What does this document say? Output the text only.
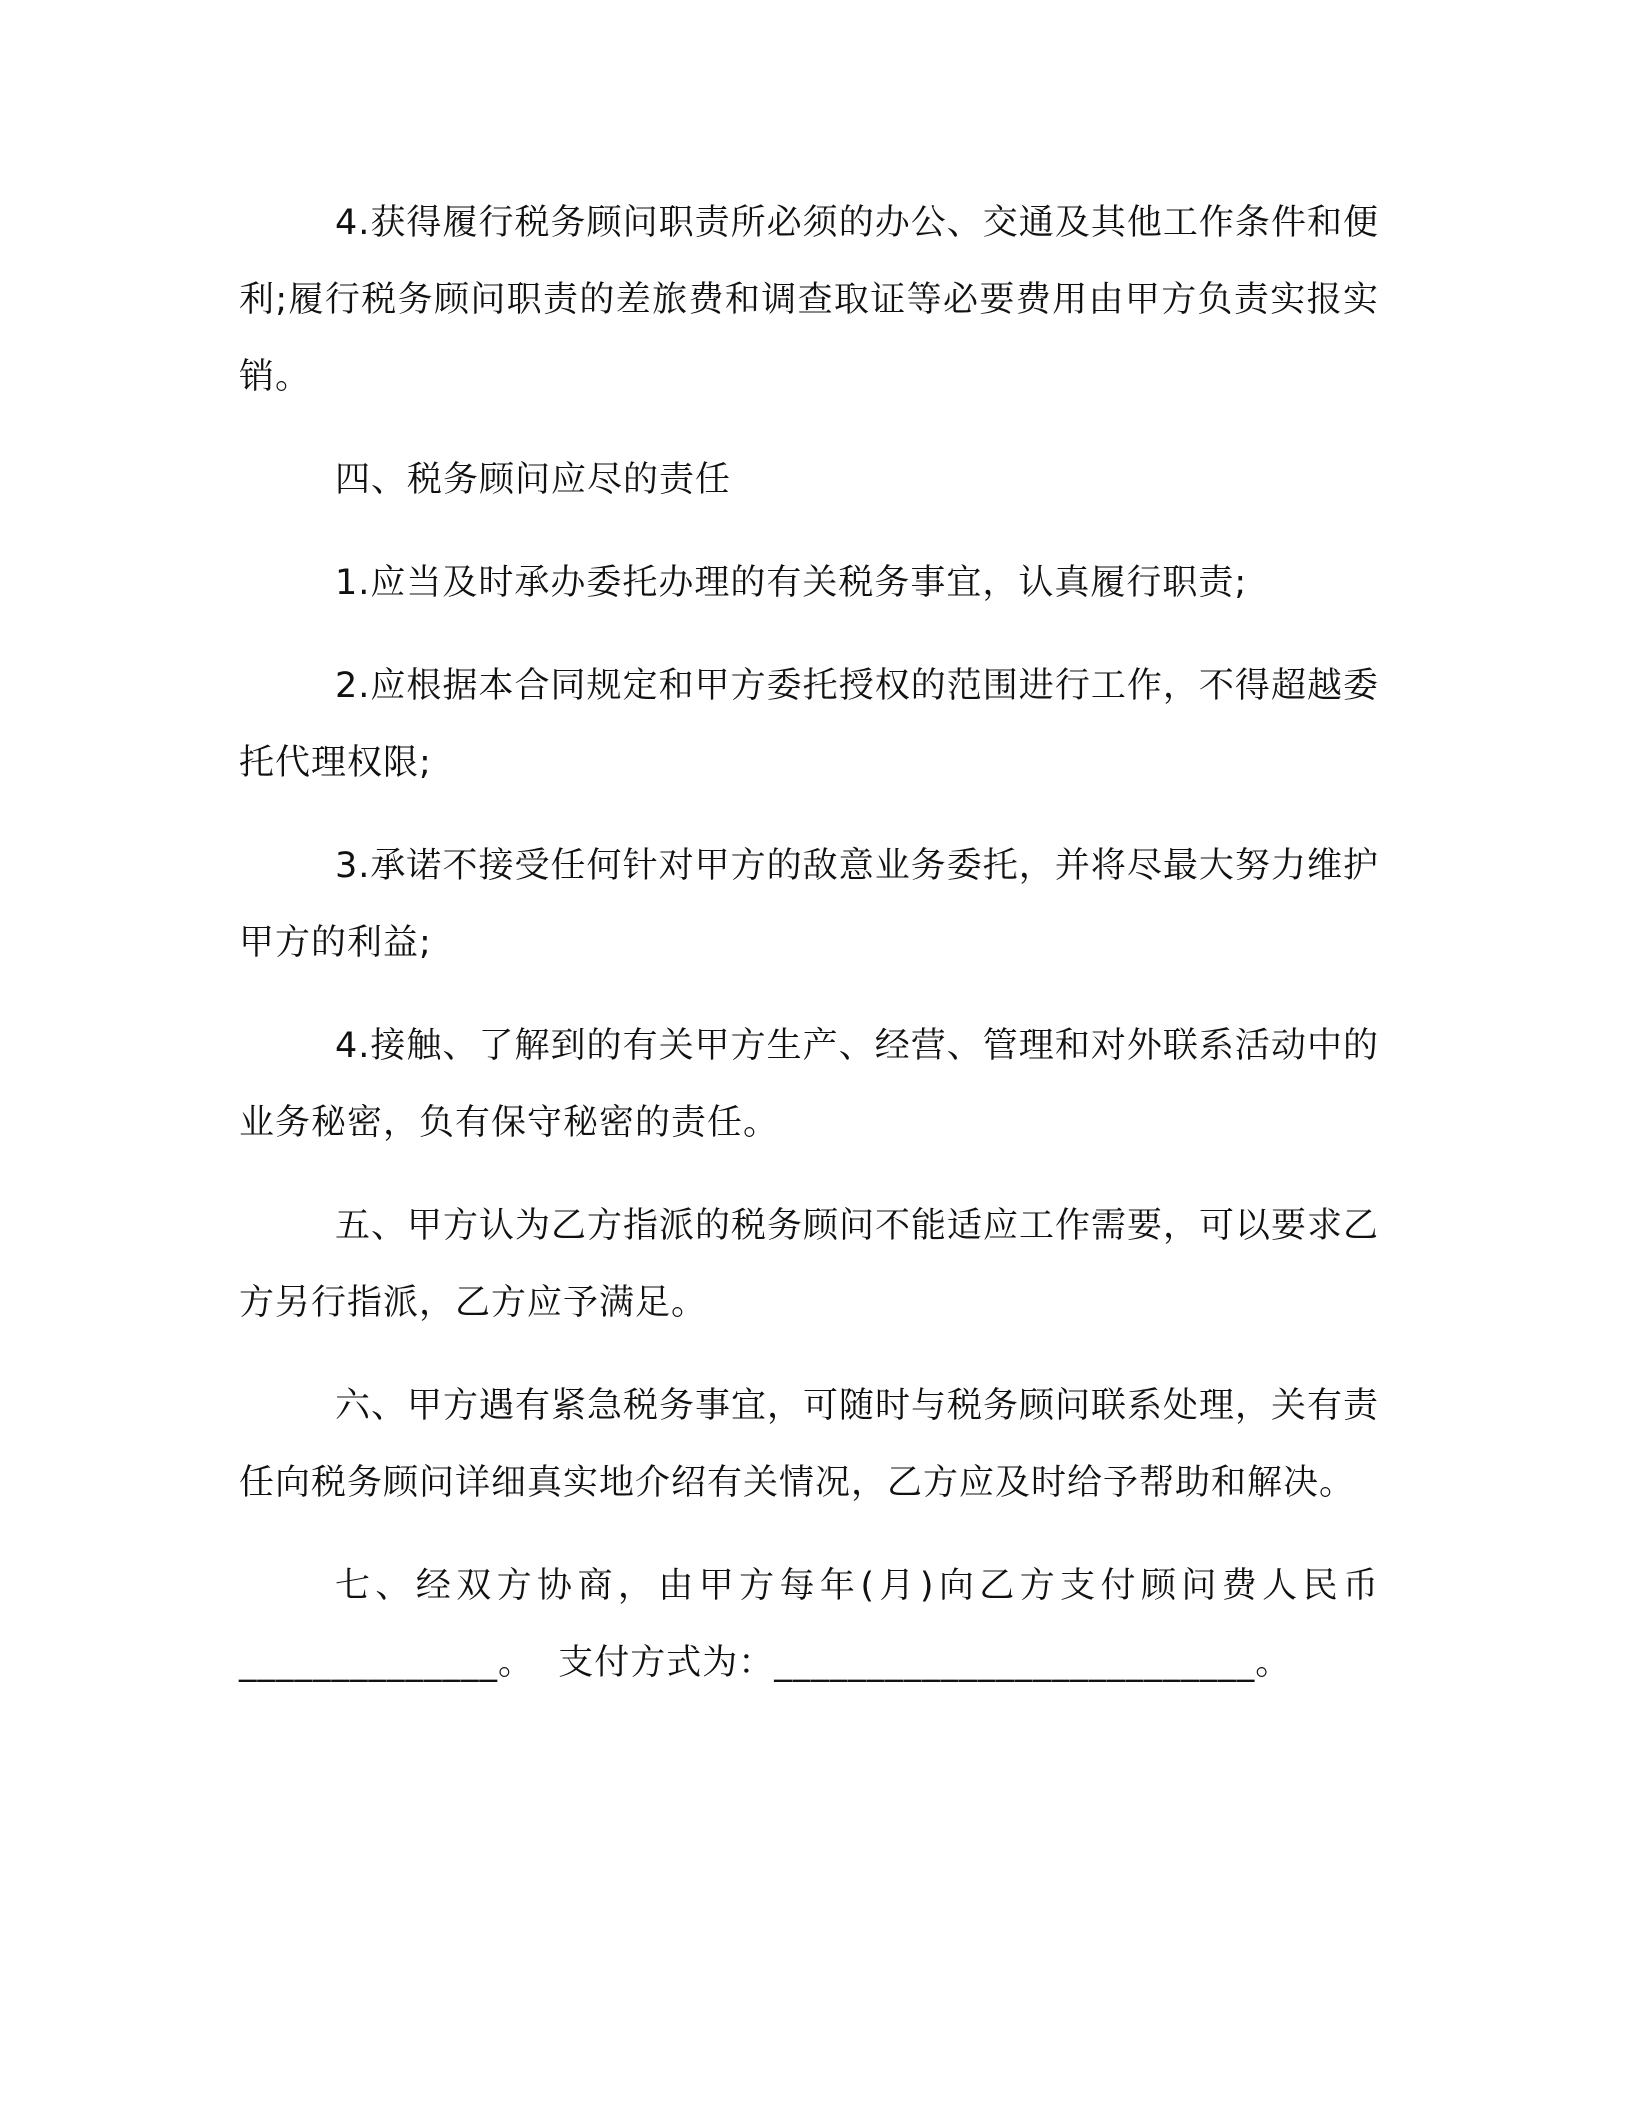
4.获得履行税务顾问职责所必须的办公、交通及其他工作条件和便利;履行税务顾问职责的差旅费和调查取证等必要费用由甲方负责实报实销。

四、税务顾问应尽的责任

1.应当及时承办委托办理的有关税务事宜，认真履行职责;

2.应根据本合同规定和甲方委托授权的范围进行工作，不得超越委托代理权限;

3.承诺不接受任何针对甲方的敌意业务委托，并将尽最大努力维护甲方的利益;

4.接触、了解到的有关甲方生产、经营、管理和对外联系活动中的业务秘密，负有保守秘密的责任。

五、甲方认为乙方指派的税务顾问不能适应工作需要，可以要求乙方另行指派，乙方应予满足。

六、甲方遇有紧急税务事宜，可随时与税务顾问联系处理，关有责任向税务顾问详细真实地介绍有关情况，乙方应及时给予帮助和解决。

七、经双方协商，由甲方每年(月)向乙方支付顾问费人民币______________。  支付方式为：__________________________。
